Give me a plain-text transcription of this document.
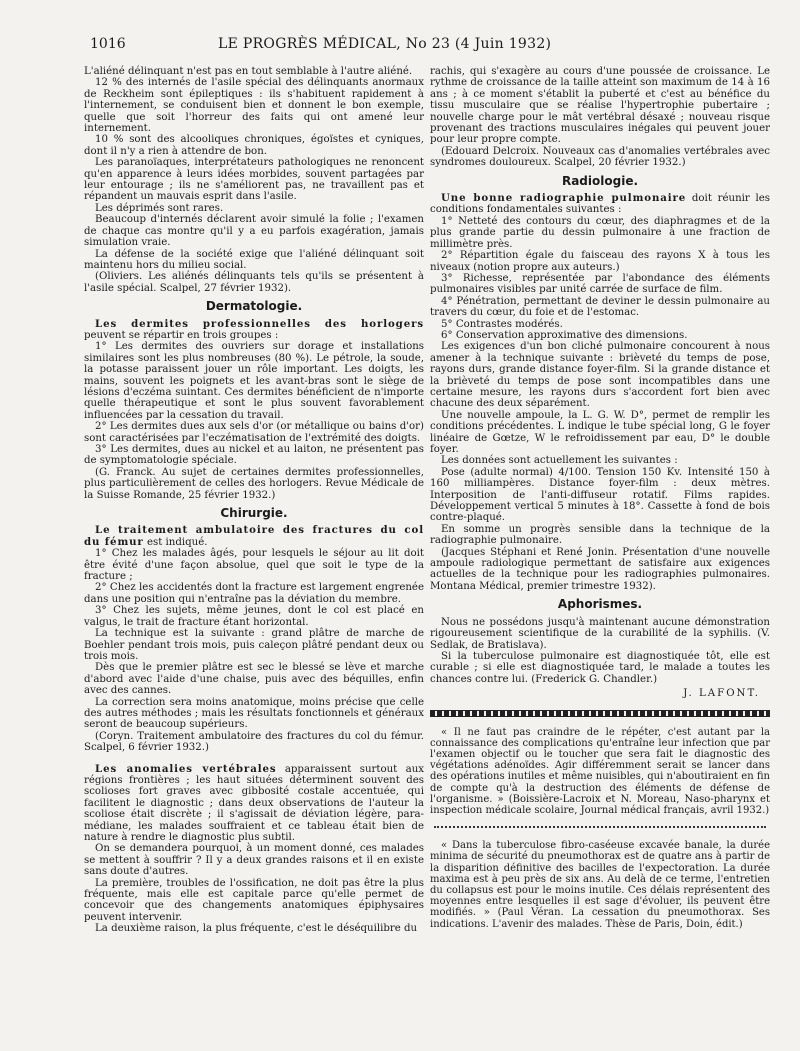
1016	LE PROGRÈS MÉDICAL, No 23 (4 Juin 1932)

L'aliéné délinquant n'est pas en tout semblable à l'autre aliéné.

12 % des internés de l'asile spécial des délinquants anormaux de Reckheim sont épileptiques : ils s'habituent rapidement à l'internement, se conduisent bien et donnent le bon exemple, quelle que soit l'horreur des faits qui ont amené leur internement.

10 % sont des alcooliques chroniques, égoïstes et cyniques, dont il n'y a rien à attendre de bon.

Les paranoïaques, interprétateurs pathologiques ne renoncent qu'en apparence à leurs idées morbides, souvent partagées par leur entourage ; ils ne s'améliorent pas, ne travaillent pas et répandent un mauvais esprit dans l'asile.

Les déprimés sont rares.

Beaucoup d'internés déclarent avoir simulé la folie ; l'examen de chaque cas montre qu'il y a eu parfois exagération, jamais simulation vraie.

La défense de la société exige que l'aliéné délinquant soit maintenu hors du milieu social.

(Oliviers. Les aliénés délinquants tels qu'ils se présentent à l'asile spécial. Scalpel, 27 février 1932).

Dermatologie.

Les dermites professionnelles des horlogers peuvent se répartir en trois groupes :

1° Les dermites des ouvriers sur dorage et installations similaires sont les plus nombreuses (80 %). Le pétrole, la soude, la potasse paraissent jouer un rôle important. Les doigts, les mains, souvent les poignets et les avant-bras sont le siège de lésions d'eczéma suintant. Ces dermites bénéficient de n'importe quelle thérapeutique et sont le plus souvent favorablement influencées par la cessation du travail.

2° Les dermites dues aux sels d'or (or métallique ou bains d'or) sont caractérisées par l'eczématisation de l'extrémité des doigts.

3° Les dermites, dues au nickel et au laiton, ne présentent pas de symptomatologie spéciale.

(G. Franck. Au sujet de certaines dermites professionnelles, plus particulièrement de celles des horlogers. Revue Médicale de la Suisse Romande, 25 février 1932.)

Chirurgie.

Le traitement ambulatoire des fractures du col du fémur est indiqué.

1° Chez les malades âgés, pour lesquels le séjour au lit doit être évité d'une façon absolue, quel que soit le type de la fracture ;

2° Chez les accidentés dont la fracture est largement engrenée dans une position qui n'entraîne pas la déviation du membre.

3° Chez les sujets, même jeunes, dont le col est placé en valgus, le trait de fracture étant horizontal.

La technique est la suivante : grand plâtre de marche de Boehler pendant trois mois, puis caleçon plâtré pendant deux ou trois mois.

Dès que le premier plâtre est sec le blessé se lève et marche d'abord avec l'aide d'une chaise, puis avec des béquilles, enfin avec des cannes.

La correction sera moins anatomique, moins précise que celle des autres méthodes ; mais les résultats fonctionnels et généraux seront de beaucoup supérieurs.

(Coryn. Traitement ambulatoire des fractures du col du fémur. Scalpel, 6 février 1932.)

Les anomalies vertébrales apparaissent surtout aux régions frontières ; les haut situées déterminent souvent des scolioses fort graves avec gibbosité costale accentuée, qui facilitent le diagnostic ; dans deux observations de l'auteur la scoliose était discrète ; il s'agissait de déviation légère, para-médiane, les malades souffraient et ce tableau était bien de nature à rendre le diagnostic plus subtil.

On se demandera pourquoi, à un moment donné, ces malades se mettent à souffrir ? Il y a deux grandes raisons et il en existe sans doute d'autres.

La première, troubles de l'ossification, ne doit pas être la plus fréquente, mais elle est capitale parce qu'elle permet de concevoir que des changements anatomiques épiphysaires peuvent intervenir.

La deuxième raison, la plus fréquente, c'est le déséquilibre du

rachis, qui s'exagère au cours d'une poussée de croissance. Le rythme de croissance de la taille atteint son maximum de 14 à 16 ans ; à ce moment s'établit la puberté et c'est au bénéfice du tissu musculaire que se réalise l'hypertrophie pubertaire ; nouvelle charge pour le mât vertébral désaxé ; nouveau risque provenant des tractions musculaires inégales qui peuvent jouer pour leur propre compte.

(Edouard Delcroix. Nouveaux cas d'anomalies vertébrales avec syndromes douloureux. Scalpel, 20 février 1932.)

Radiologie.

Une bonne radiographie pulmonaire doit réunir les conditions fondamentales suivantes :

1° Netteté des contours du cœur, des diaphragmes et de la plus grande partie du dessin pulmonaire à une fraction de millimètre près.

2° Répartition égale du faisceau des rayons X à tous les niveaux (notion propre aux auteurs.)

3° Richesse, représentée par l'abondance des éléments pulmonaires visibles par unité carrée de surface de film.

4° Pénétration, permettant de deviner le dessin pulmonaire au travers du cœur, du foie et de l'estomac.

5° Contrastes modérés.

6° Conservation approximative des dimensions.

Les exigences d'un bon cliché pulmonaire concourent à nous amener à la technique suivante : brièveté du temps de pose, rayons durs, grande distance foyer-film. Si la grande distance et la brièveté du temps de pose sont incompatibles dans une certaine mesure, les rayons durs s'accordent fort bien avec chacune des deux séparément.

Une nouvelle ampoule, la L. G. W. D°, permet de remplir les conditions précédentes. L indique le tube spécial long, G le foyer linéaire de Gœtze, W le refroidissement par eau, D° le double foyer.

Les données sont actuellement les suivantes :

Pose (adulte normal) 4/100. Tension 150 Kv. Intensité 150 à 160 milliampères. Distance foyer-film : deux mètres. Interposition de l'anti-diffuseur rotatif. Films rapides. Développement vertical 5 minutes à 18°. Cassette à fond de bois contre-plaqué.

En somme un progrès sensible dans la technique de la radiographie pulmonaire.

(Jacques Stéphani et René Jonin. Présentation d'une nouvelle ampoule radiologique permettant de satisfaire aux exigences actuelles de la technique pour les radiographies pulmonaires. Montana Médical, premier trimestre 1932).

Aphorismes.

Nous ne possédons jusqu'à maintenant aucune démonstration rigoureusement scientifique de la curabilité de la syphilis. (V. Sedlak, de Bratislava).

Si la tuberculose pulmonaire est diagnostiquée tôt, elle est curable ; si elle est diagnostiquée tard, le malade a toutes les chances contre lui. (Frederick G. Chandler.)

J. LAFONT.

« Il ne faut pas craindre de le répéter, c'est autant par la connaissance des complications qu'entraîne leur infection que par l'examen objectif ou le toucher que sera fait le diagnostic des végétations adénoïdes. Agir différemment serait se lancer dans des opérations inutiles et même nuisibles, qui n'aboutiraient en fin de compte qu'à la destruction des éléments de défense de l'organisme. » (Boissière-Lacroix et N. Moreau, Naso-pharynx et inspection médicale scolaire, Journal médical français, avril 1932.)

« Dans la tuberculose fibro-caséeuse excavée banale, la durée minima de sécurité du pneumothorax est de quatre ans à partir de la disparition définitive des bacilles de l'expectoration. La durée maxima est à peu près de six ans. Au delà de ce terme, l'entretien du collapsus est pour le moins inutile. Ces délais représentent des moyennes entre lesquelles il est sage d'évoluer, ils peuvent être modifiés. » (Paul Véran. La cessation du pneumothorax. Ses indications. L'avenir des malades. Thèse de Paris, Doin, édit.)
